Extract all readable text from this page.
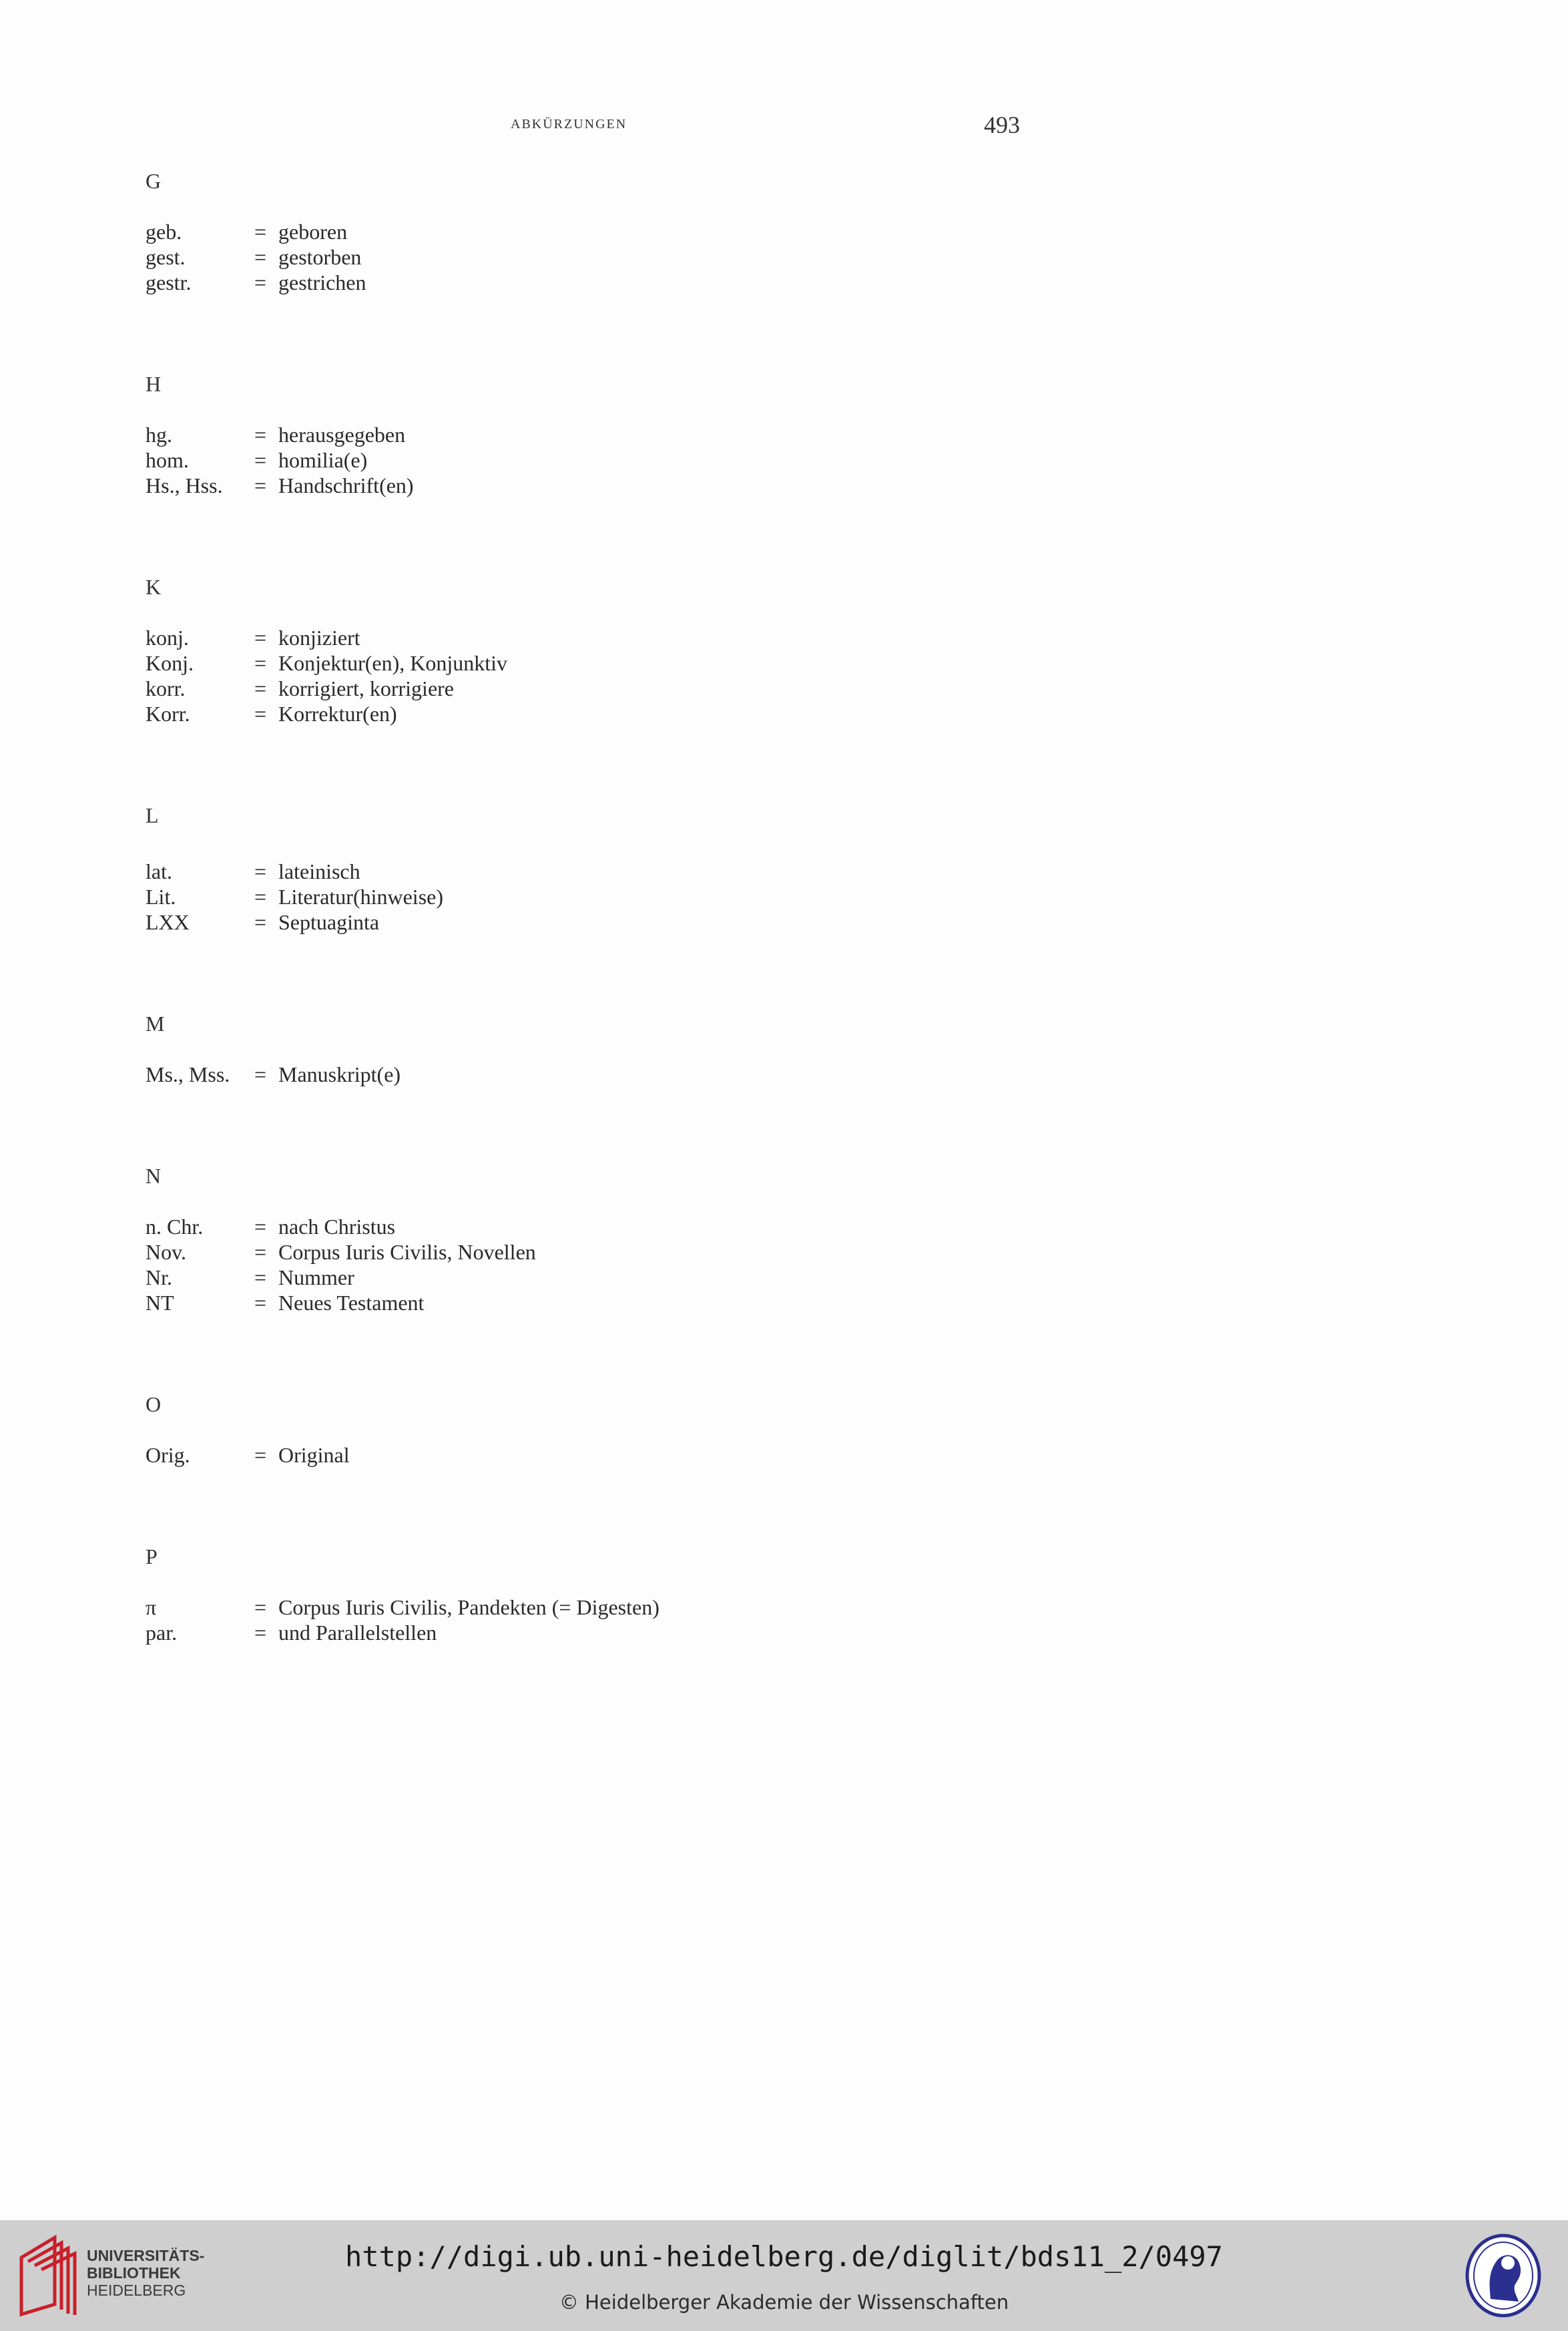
abkürzungen	493
G
geb.	= geboren
gest.	= gestorben
gestr.	= gestrichen
H
hg.	= herausgegeben
hom.	= homilia(e)
Hs., Hss.	= Handschrift(en)
K
konj.	= konjiziert
Konj.	= Konjektur(en), Konjunktiv
korr.	= korrigiert, korrigiere
Korr.	= Korrektur(en)
L
lat.	= lateinisch
Lit.	= Literatur(hinweise)
LXX	= Septuaginta
M
Ms., Mss.	= Manuskript(e)
N
n. Chr.	= nach Christus
Nov.	= Corpus Iuris Civilis, Novellen
Nr.	= Nummer
NT	= Neues Testament
O
Orig.	= Original
P
π	= Corpus Iuris Civilis, Pandekten (= Digesten)
par.	= und Parallelstellen
UNIVERSITÄTS-
BIBLIOTHEK
HEIDELBERG
http://digi.ub.uni-heidelberg.de/diglit/bds11_2/0497
© Heidelberger Akademie der Wissenschaften
